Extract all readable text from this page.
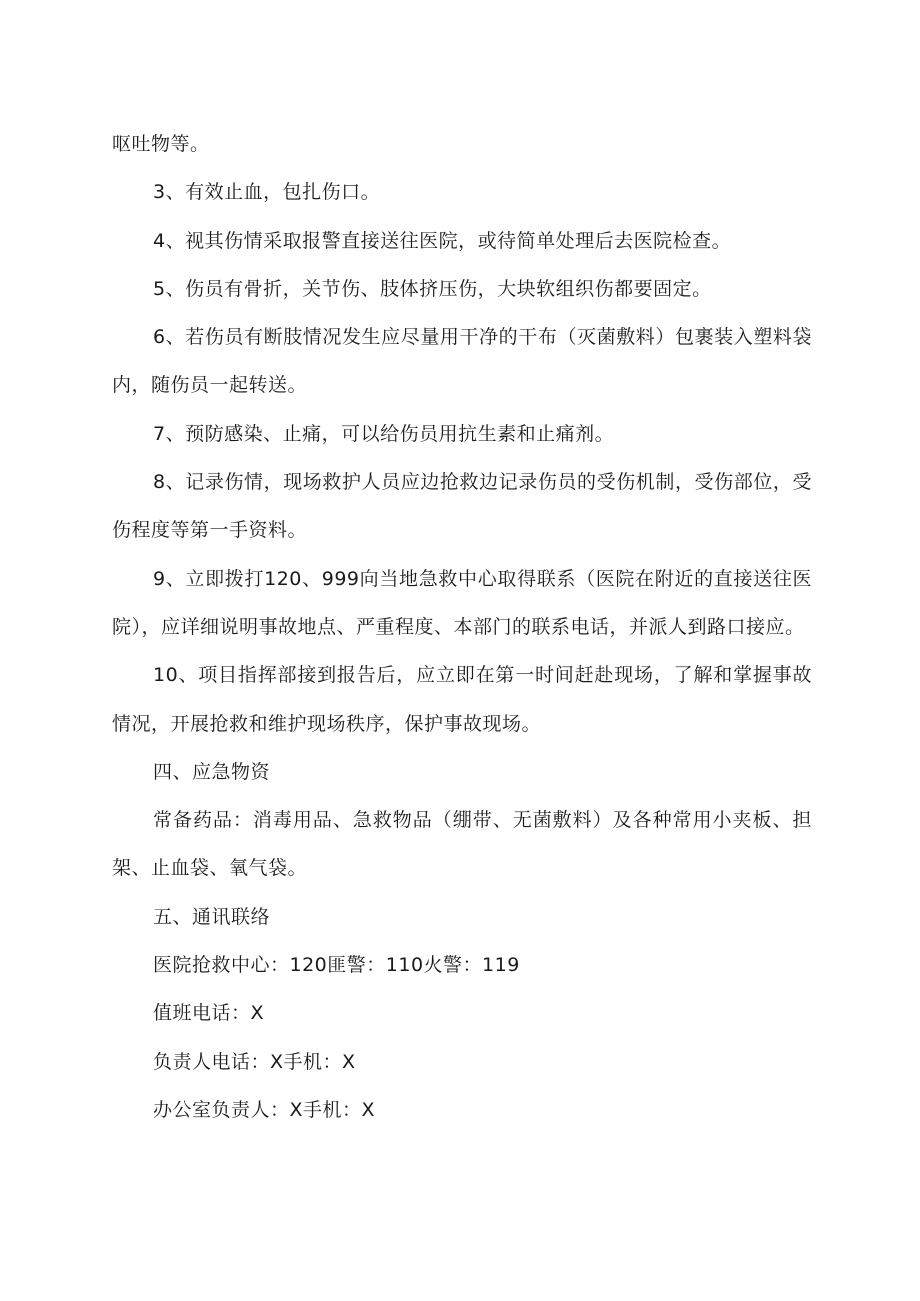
呕吐物等。

3、有效止血，包扎伤口。

4、视其伤情采取报警直接送往医院，或待简单处理后去医院检查。

5、伤员有骨折，关节伤、肢体挤压伤，大块软组织伤都要固定。

6、若伤员有断肢情况发生应尽量用干净的干布（灭菌敷料）包裹装入塑料袋内，随伤员一起转送。

7、预防感染、止痛，可以给伤员用抗生素和止痛剂。

8、记录伤情，现场救护人员应边抢救边记录伤员的受伤机制，受伤部位，受伤程度等第一手资料。

9、立即拨打120、999向当地急救中心取得联系（医院在附近的直接送往医院），应详细说明事故地点、严重程度、本部门的联系电话，并派人到路口接应。

10、项目指挥部接到报告后，应立即在第一时间赶赴现场，了解和掌握事故情况，开展抢救和维护现场秩序，保护事故现场。

四、应急物资

常备药品：消毒用品、急救物品（绷带、无菌敷料）及各种常用小夹板、担架、止血袋、氧气袋。

五、通讯联络

医院抢救中心：120匪警：110火警：119

值班电话：X

负责人电话：X手机：X

办公室负责人：X手机：X
